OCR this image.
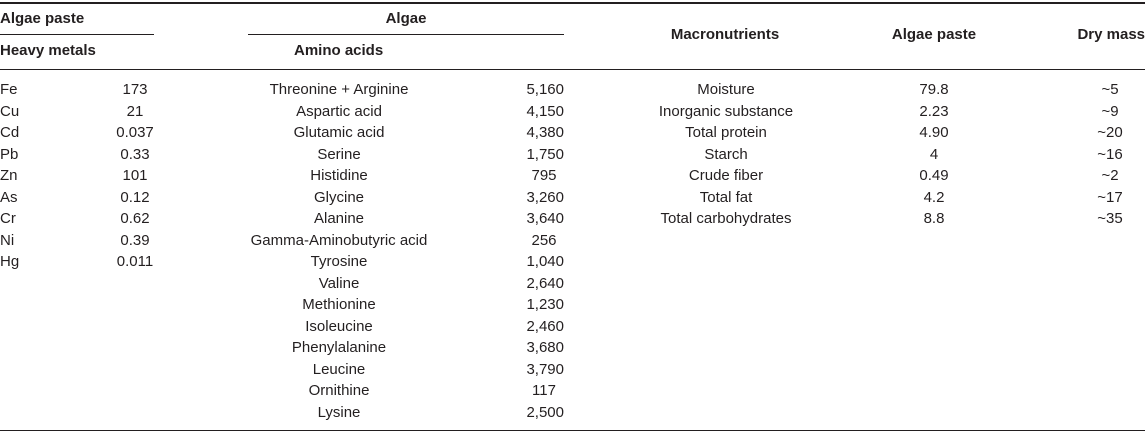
Algae paste
Heavy metals
Algae
Amino acids
Macronutrients	Algae paste	Dry mass
Fe
Cu
Cd
Pb
Zn
As
Cr
Ni
Hg
173
21
0.037
0.33
101
0.12
0.62
0.39
0.011
Threonine + Arginine
Aspartic acid
Glutamic acid
Serine
Histidine
Glycine
Alanine
Gamma-Aminobutyric acid
Tyrosine
Valine
Methionine
Isoleucine
Phenylalanine
Leucine
Ornithine
Lysine
5,160
4,150
4,380
1,750
795
3,260
3,640
256
1,040
2,640
1,230
2,460
3,680
3,790
117
2,500
Moisture
Inorganic substance
Total protein
Starch
Crude fiber
Total fat
Total carbohydrates
79.8
2.23
4.90
4
0.49
4.2
8.8
~5
~9
~20
~16
~2
~17
~35
